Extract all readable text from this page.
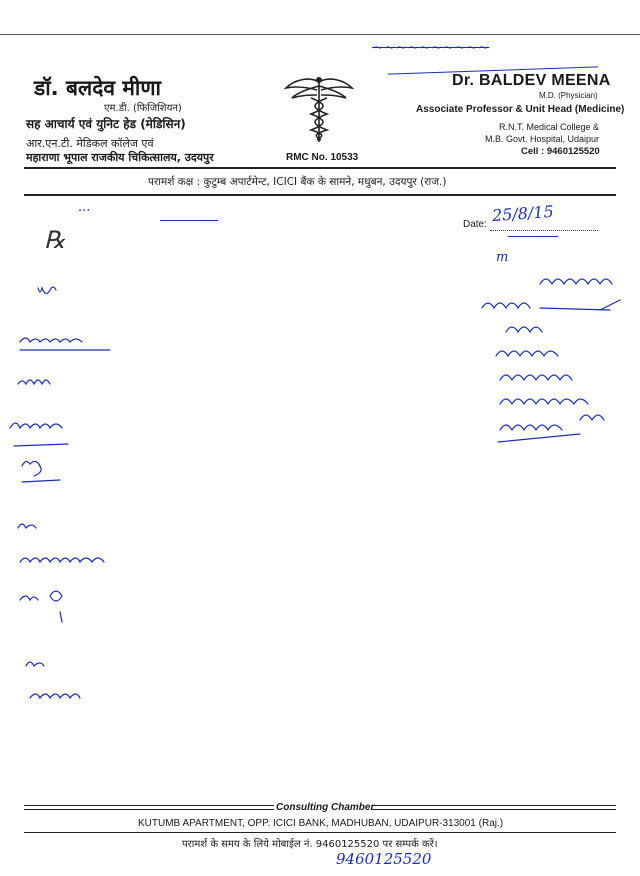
~~~~~~~~~~
डॉ. बलदेव मीणा
एम.डी. (फिजिशियन)
सह आचार्य एवं युनिट हेड (मेडिसिन)
आर.एन.टी. मेडिकल कॉलेज एवं
महाराणा भूपाल राजकीय चिकित्सालय, उदयपुर	RMC No. 10533
Dr. BALDEV MEENA
M.D. (Physician)
Associate Professor & Unit Head (Medicine)
R.N.T. Medical College &
M.B. Govt. Hospital, Udaipur
Cell : 9460125520
परामर्श कक्ष : कुटुम्ब अपार्टमेन्ट, ICICI बैंक के सामने, मधुबन, उदयपुर (राज.)
Date: 25/8/15
℞
...
m
Consulting Chamber
KUTUMB APARTMENT, OPP. ICICI BANK, MADHUBAN, UDAIPUR-313001 (Raj.)
परामर्श के समय के लिये मोबाईल नं. 9460125520 पर सम्पर्क करें।
9460125520
